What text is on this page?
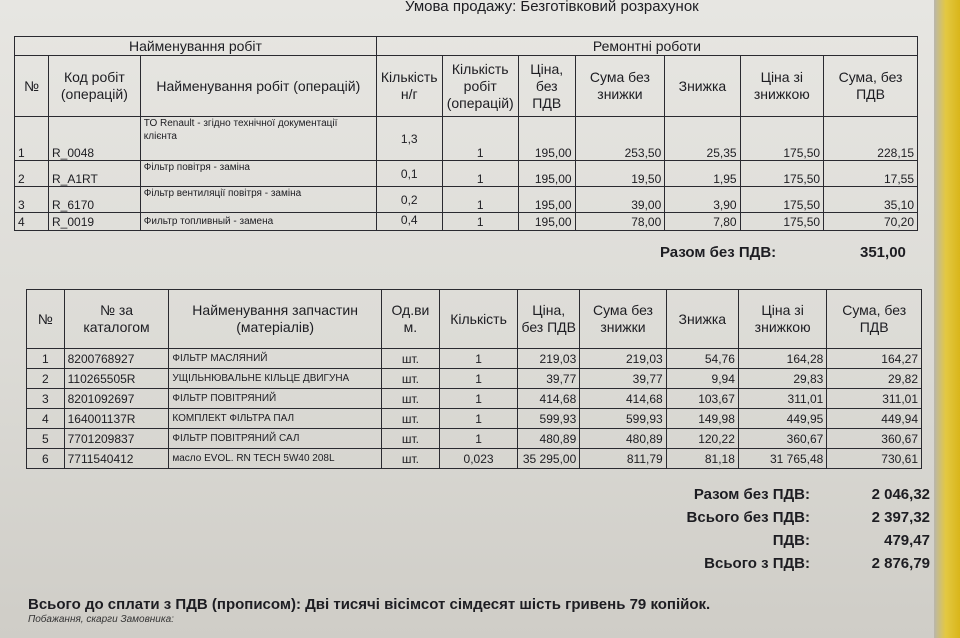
Умова продажу: Безготівковий розрахунок
Найменування робіт			Ремонтні роботи						
№	Код робіт (операцій)	Найменування робіт (операцій)	Кількість н/г	Кількість робіт (операцій)	Ціна, без ПДВ	Сума без знижки	Знижка	Ціна зі знижкою	Сума, без ПДВ
1	R_0048	ТО Renault - згідно технічної документації клієнта	1,3	1	195,00	253,50	25,35	175,50	228,15
2	R_A1RT	Фільтр повітря - заміна	0,1	1	195,00	19,50	1,95	175,50	17,55
3	R_6170	Фільтр вентиляції повітря - заміна	0,2	1	195,00	39,00	3,90	175,50	35,10
4	R_0019	Фильтр топливный - замена	0,4	1	195,00	78,00	7,80	175,50	70,20
Разом без ПДВ:	351,00
№	№ за каталогом	Найменування запчастин (матеріалів)	Од.ви м.	Кількість	Ціна, без ПДВ	Сума без знижки	Знижка	Ціна зі знижкою	Сума, без ПДВ
1	8200768927	ФІЛЬТР МАСЛЯНИЙ	шт.	1	219,03	219,03	54,76	164,28	164,27
2	110265505R	УЩІЛЬНЮВАЛЬНЕ КІЛЬЦЕ ДВИГУНА	шт.	1	39,77	39,77	9,94	29,83	29,82
3	8201092697	ФІЛЬТР ПОВІТРЯНИЙ	шт.	1	414,68	414,68	103,67	311,01	311,01
4	164001137R	КОМПЛЕКТ ФІЛЬТРА ПАЛ	шт.	1	599,93	599,93	149,98	449,95	449,94
5	7701209837	ФІЛЬТР ПОВІТРЯНИЙ САЛ	шт.	1	480,89	480,89	120,22	360,67	360,67
6	7711540412	масло EVOL. RN TECH 5W40 208L	шт.	0,023	35 295,00	811,79	81,18	31 765,48	730,61
Разом без ПДВ:	2 046,32
Всього без ПДВ:	2 397,32
ПДВ:	479,47
Всього з ПДВ:	2 876,79
Всього до сплати з ПДВ (прописом): Дві тисячі вісімсот сімдесят шість гривень 79 копійок.
Побажання, скарги Замовника:
